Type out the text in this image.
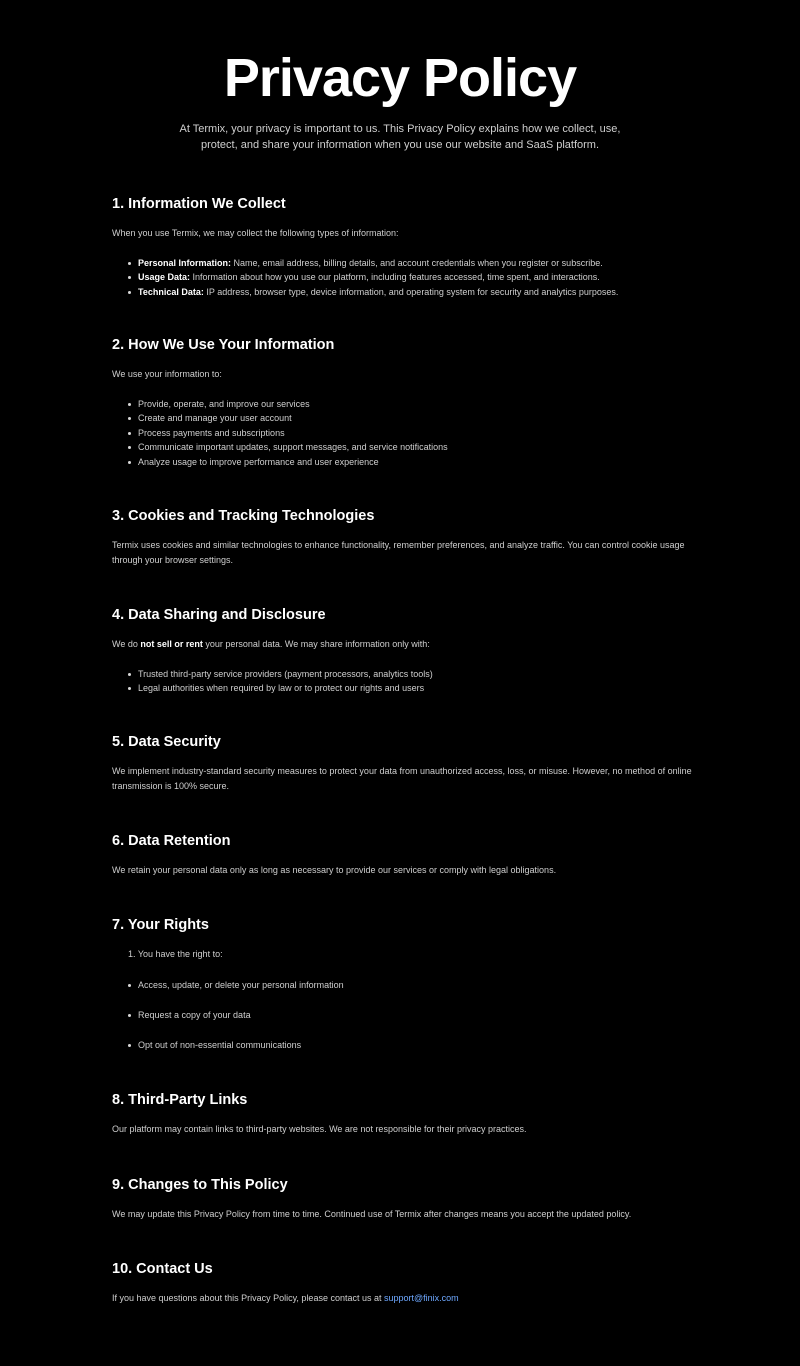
Privacy Policy

At Termix, your privacy is important to us. This Privacy Policy explains how we collect, use, protect, and share your information when you use our website and SaaS platform.

1. Information We Collect

When you use Termix, we may collect the following types of information:

Personal Information: Name, email address, billing details, and account credentials when you register or subscribe.
Usage Data: Information about how you use our platform, including features accessed, time spent, and interactions.
Technical Data: IP address, browser type, device information, and operating system for security and analytics purposes.
2. How We Use Your Information

We use your information to:

Provide, operate, and improve our services
Create and manage your user account
Process payments and subscriptions
Communicate important updates, support messages, and service notifications
Analyze usage to improve performance and user experience
3. Cookies and Tracking Technologies

Termix uses cookies and similar technologies to enhance functionality, remember preferences, and analyze traffic. You can control cookie usage through your browser settings.

4. Data Sharing and Disclosure

We do not sell or rent your personal data. We may share information only with:

Trusted third-party service providers (payment processors, analytics tools)
Legal authorities when required by law or to protect our rights and users
5. Data Security

We implement industry-standard security measures to protect your data from unauthorized access, loss, or misuse. However, no method of online transmission is 100% secure.

6. Data Retention

We retain your personal data only as long as necessary to provide our services or comply with legal obligations.

7. Your Rights

1. You have the right to:

Access, update, or delete your personal information
Request a copy of your data
Opt out of non-essential communications
8. Third-Party Links

Our platform may contain links to third-party websites. We are not responsible for their privacy practices.

9. Changes to This Policy

We may update this Privacy Policy from time to time. Continued use of Termix after changes means you accept the updated policy.

10. Contact Us

If you have questions about this Privacy Policy, please contact us at support@finix.com
